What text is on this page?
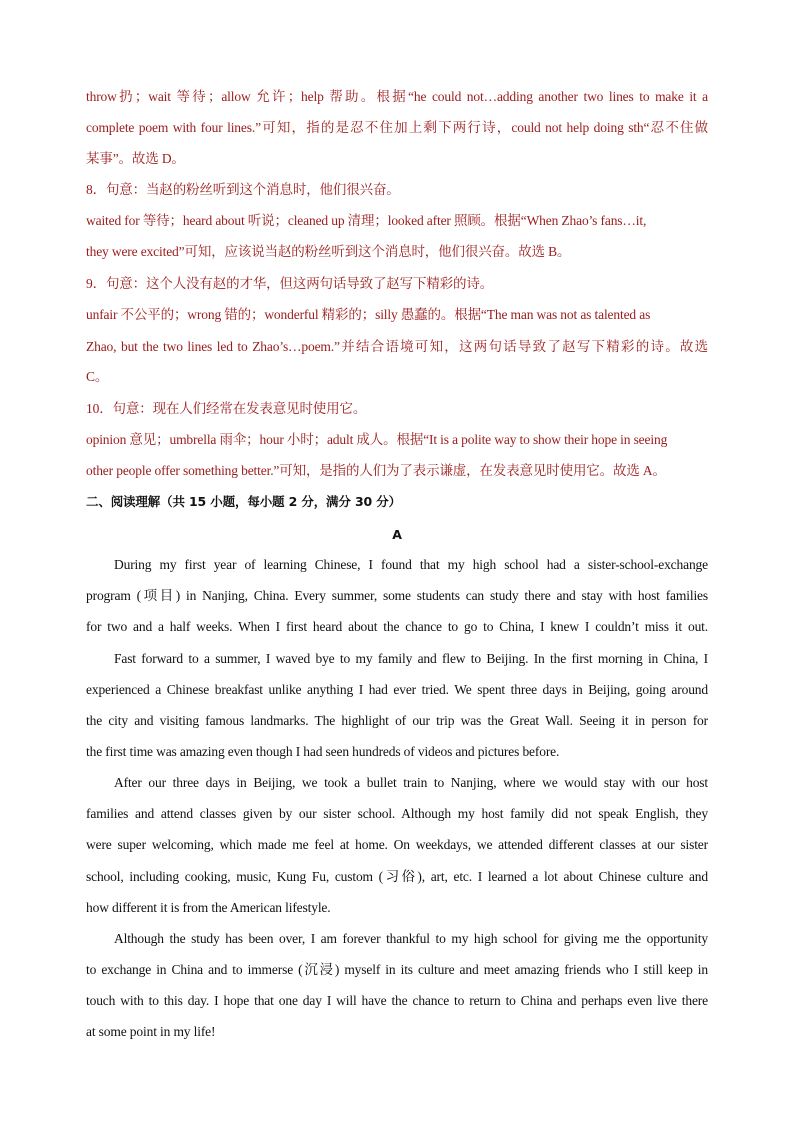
throw扔；wait 等待；allow 允许；help 帮助。根据“he could not…adding another two lines to make it a
complete poem with four lines.”可知，指的是忍不住加上剩下两行诗，could not help doing sth“忍不住做
某事”。故选 D。
8．句意：当赵的粉丝听到这个消息时，他们很兴奋。
waited for 等待；heard about 听说；cleaned up 清理；looked after 照顾。根据“When Zhao’s fans…it,
they were excited”可知，应该说当赵的粉丝听到这个消息时，他们很兴奋。故选 B。
9．句意：这个人没有赵的才华，但这两句话导致了赵写下精彩的诗。
unfair 不公平的；wrong 错的；wonderful 精彩的；silly 愚蠢的。根据“The man was not as talented as
Zhao, but the two lines led to Zhao’s…poem.”并结合语境可知，这两句话导致了赵写下精彩的诗。故选
C。
10．句意：现在人们经常在发表意见时使用它。
opinion 意见；umbrella 雨伞；hour 小时；adult 成人。根据“It is a polite way to show their hope in seeing
other people offer something better.”可知，是指的人们为了表示谦虚，在发表意见时使用它。故选 A。
二、阅读理解（共 15 小题，每小题 2 分，满分 30 分）
A
During my first year of learning Chinese, I found that my high school had a sister-school-exchange
program (项目) in Nanjing, China. Every summer, some students can study there and stay with host families
for two and a half weeks. When I first heard about the chance to go to China, I knew I couldn’t miss it out.
Fast forward to a summer, I waved bye to my family and flew to Beijing. In the first morning in China, I
experienced a Chinese breakfast unlike anything I had ever tried. We spent three days in Beijing, going around
the city and visiting famous landmarks. The highlight of our trip was the Great Wall. Seeing it in person for
the first time was amazing even though I had seen hundreds of videos and pictures before.
After our three days in Beijing, we took a bullet train to Nanjing, where we would stay with our host
families and attend classes given by our sister school. Although my host family did not speak English, they
were super welcoming, which made me feel at home. On weekdays, we attended different classes at our sister
school, including cooking, music, Kung Fu, custom (习俗), art, etc. I learned a lot about Chinese culture and
how different it is from the American lifestyle.
Although the study has been over, I am forever thankful to my high school for giving me the opportunity
to exchange in China and to immerse (沉浸) myself in its culture and meet amazing friends who I still keep in
touch with to this day. I hope that one day I will have the chance to return to China and perhaps even live there
at some point in my life!
